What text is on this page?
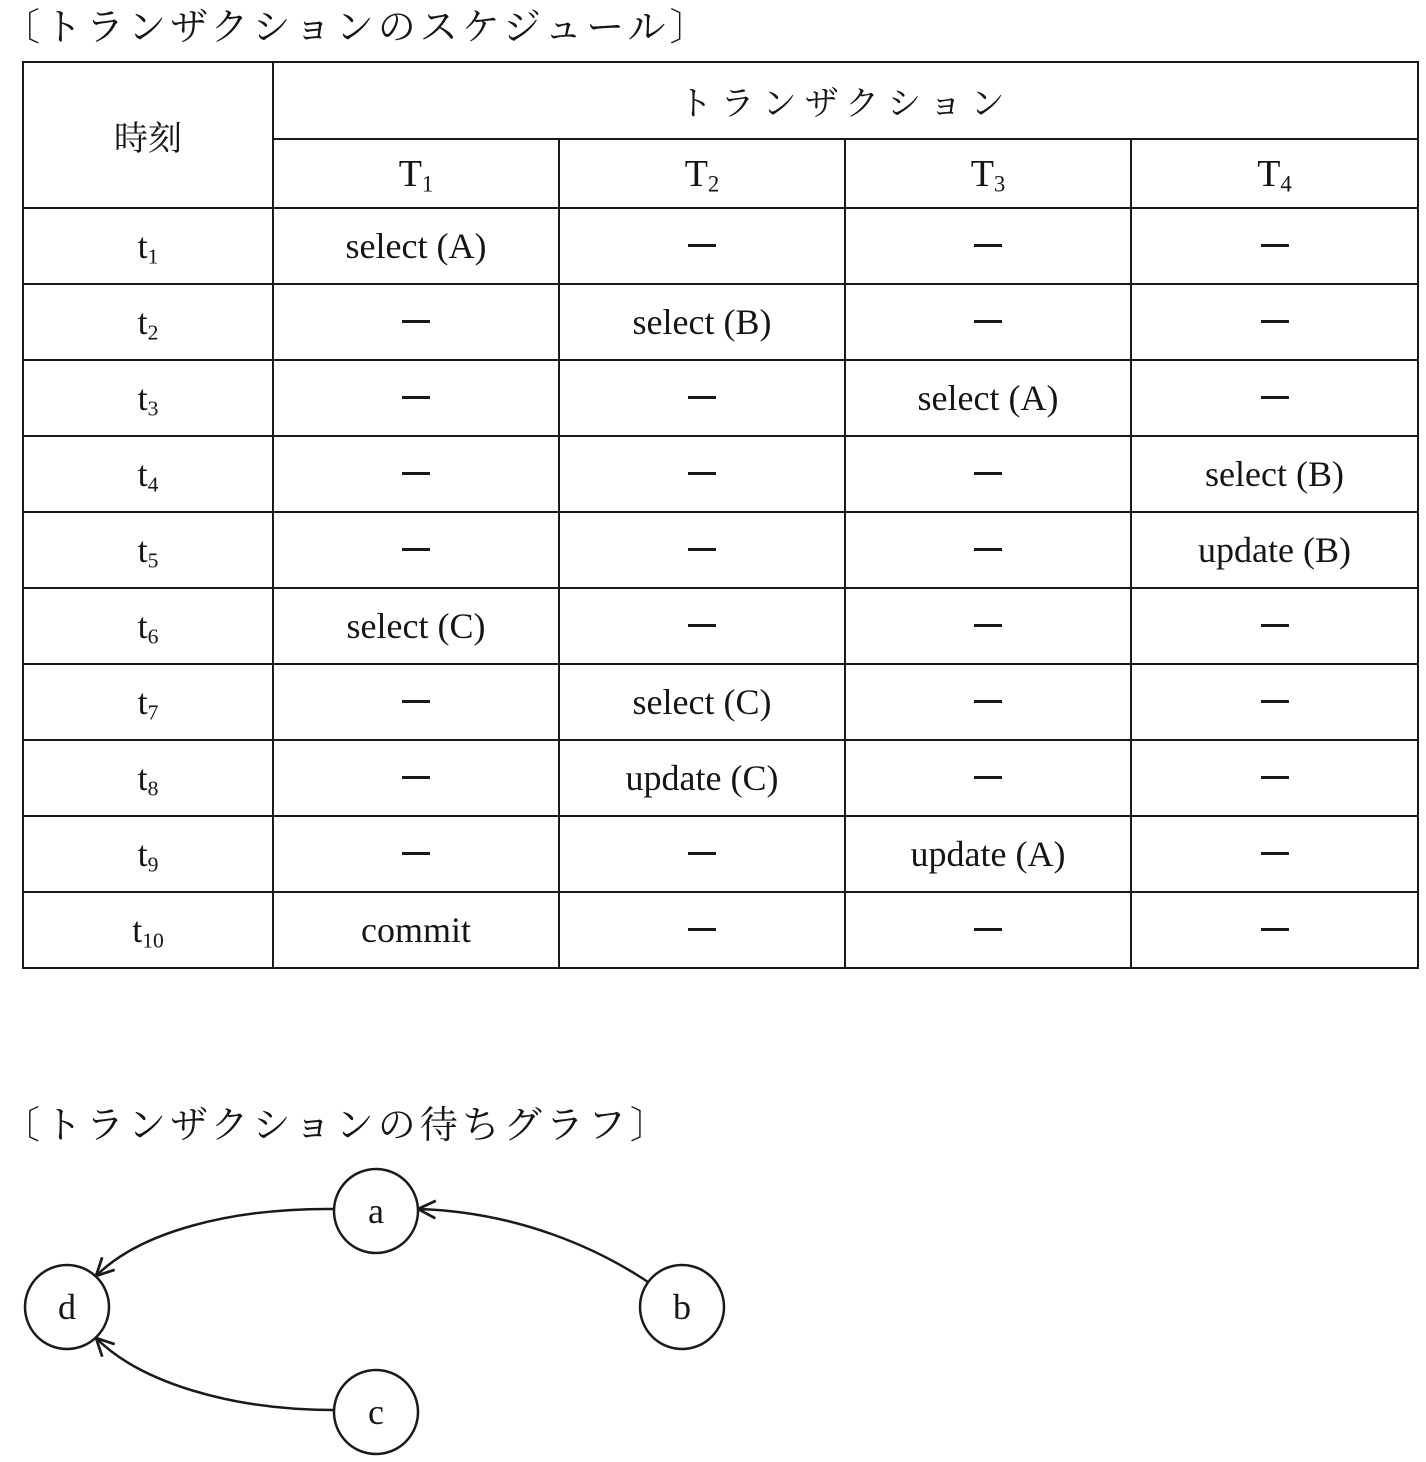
〔トランザクションのスケジュール〕
時刻	トランザクション			
	$T_1$	$T_2$	$T_3$	$T_4$
$t_1$	select (A)			
$t_2$		select (B)		
$t_3$			select (A)	
$t_4$				select (B)
$t_5$				update (B)
$t_6$	select (C)			
$t_7$		select (C)		
$t_8$		update (C)		
$t_9$			update (A)	
$t_{10}$	commit			
〔トランザクションの待ちグラフ〕
a
b
c
d
